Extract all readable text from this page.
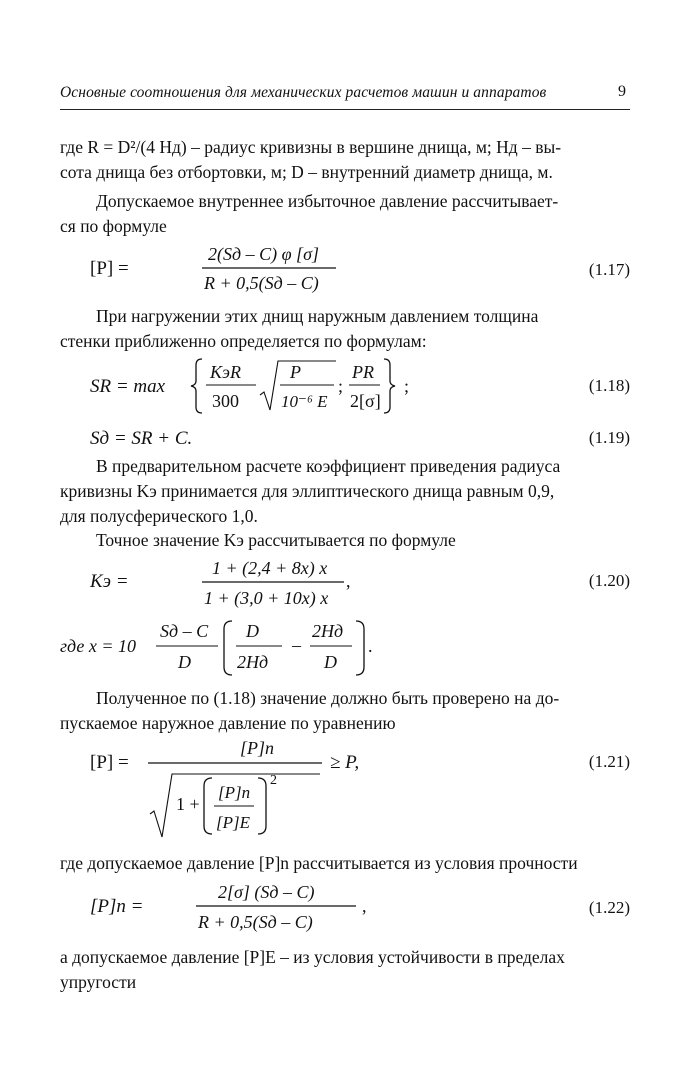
Основные соотношения для механических расчетов машин и аппаратов	9
где R = D²/(4 Hд) – радиус кривизны в вершине днища, м; Hд – вы-
сота днища без отбортовки, м; D – внутренний диаметр днища, м.
Допускаемое внутреннее избыточное давление рассчитывает-
ся по формуле
[P] =
2(Sд – C) φ [σ]
R + 0,5(Sд – C)
(1.17)
При нагружении этих днищ наружным давлением толщина
стенки приближенно определяется по формулам:
SR = max
KэR
300
P
10⁻⁶ E
;
PR
2[σ]
;	(1.18)
Sд = SR + C.	(1.19)
В предварительном расчете коэффициент приведения радиуса
кривизны Kэ принимается для эллиптического днища равным 0,9,
для полусферического 1,0.
Точное значение Kэ рассчитывается по формуле
Kэ =
1 + (2,4 + 8x) x
1 + (3,0 + 10x) x
,	(1.20)
где x = 10
Sд – C
D
D
2Hд
–
2Hд
D
.
Полученное по (1.18) значение должно быть проверено на до-
пускаемое наружное давление по уравнению
[P] =
[P]n
1 +
[P]n
[P]E
2
≥ P,	(1.21)
где допускаемое давление [P]n рассчитывается из условия прочности
[P]n =
2[σ] (Sд – C)
R + 0,5(Sд – C)
,	(1.22)
а допускаемое давление [P]E – из условия устойчивости в пределах
упругости
